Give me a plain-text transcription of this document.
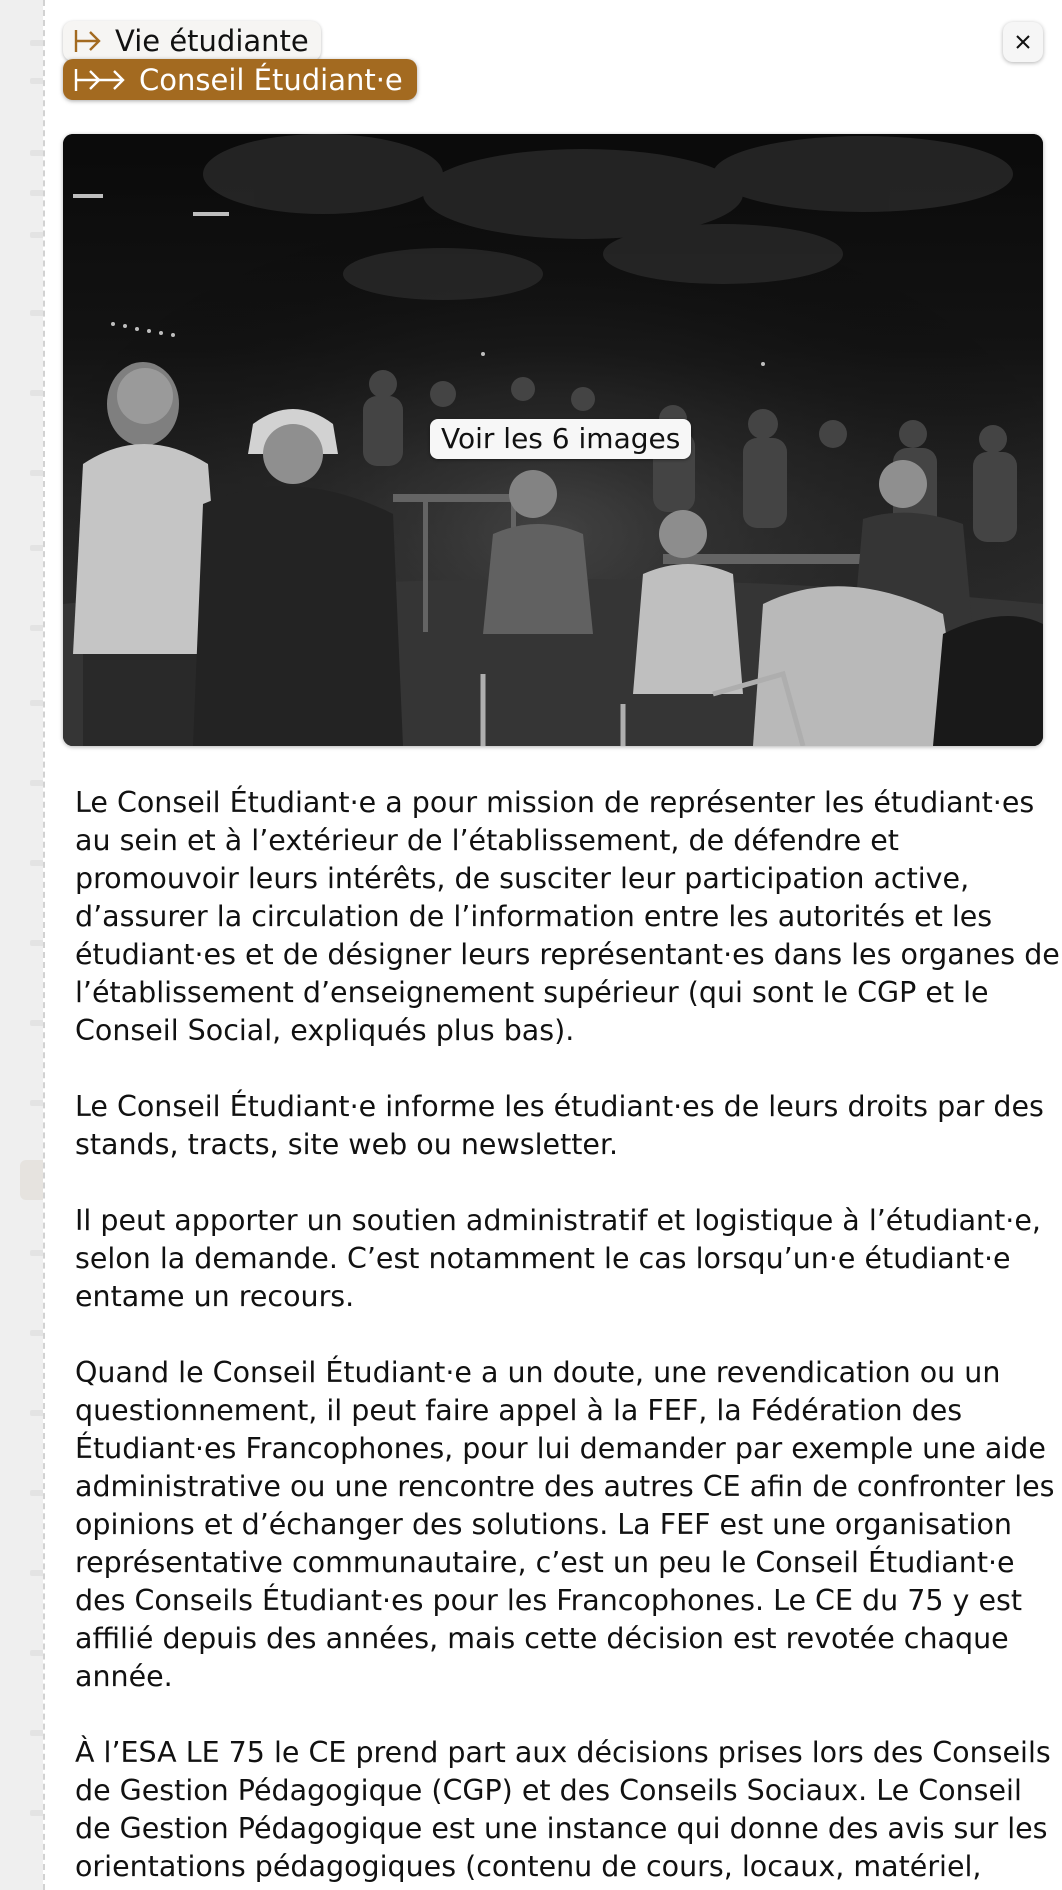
Vie étudiante
Conseil Étudiant·e
Voir les 6 images

Le Conseil Étudiant·e a pour mission de représenter les étudiant·es au sein et à l’extérieur de l’établissement, de défendre et promouvoir leurs intérêts, de susciter leur participation active, d’assurer la circulation de l’information entre les autorités et les étudiant·es et de désigner leurs représentant·es dans les organes de l’établissement d’enseignement supérieur (qui sont le CGP et le Conseil Social, expliqués plus bas).

Le Conseil Étudiant·e informe les étudiant·es de leurs droits par des stands, tracts, site web ou newsletter.

Il peut apporter un soutien administratif et logistique à l’étudiant·e, selon la demande. C’est notamment le cas lorsqu’un·e étudiant·e entame un recours.

Quand le Conseil Étudiant·e a un doute, une revendication ou un questionnement, il peut faire appel à la FEF, la Fédération des Étudiant·es Francophones, pour lui demander par exemple une aide administrative ou une rencontre des autres CE afin de confronter les opinions et d’échanger des solutions. La FEF est une organisation représentative communautaire, c’est un peu le Conseil Étudiant·e des Conseils Étudiant·es pour les Francophones. Le CE du 75 y est affilié depuis des années, mais cette décision est revotée chaque année.

À l’ESA LE 75 le CE prend part aux décisions prises lors des Conseils de Gestion Pédagogique (CGP) et des Conseils Sociaux. Le Conseil de Gestion Pédagogique est une instance qui donne des avis sur les orientations pédagogiques (contenu de cours, locaux, matériel,
